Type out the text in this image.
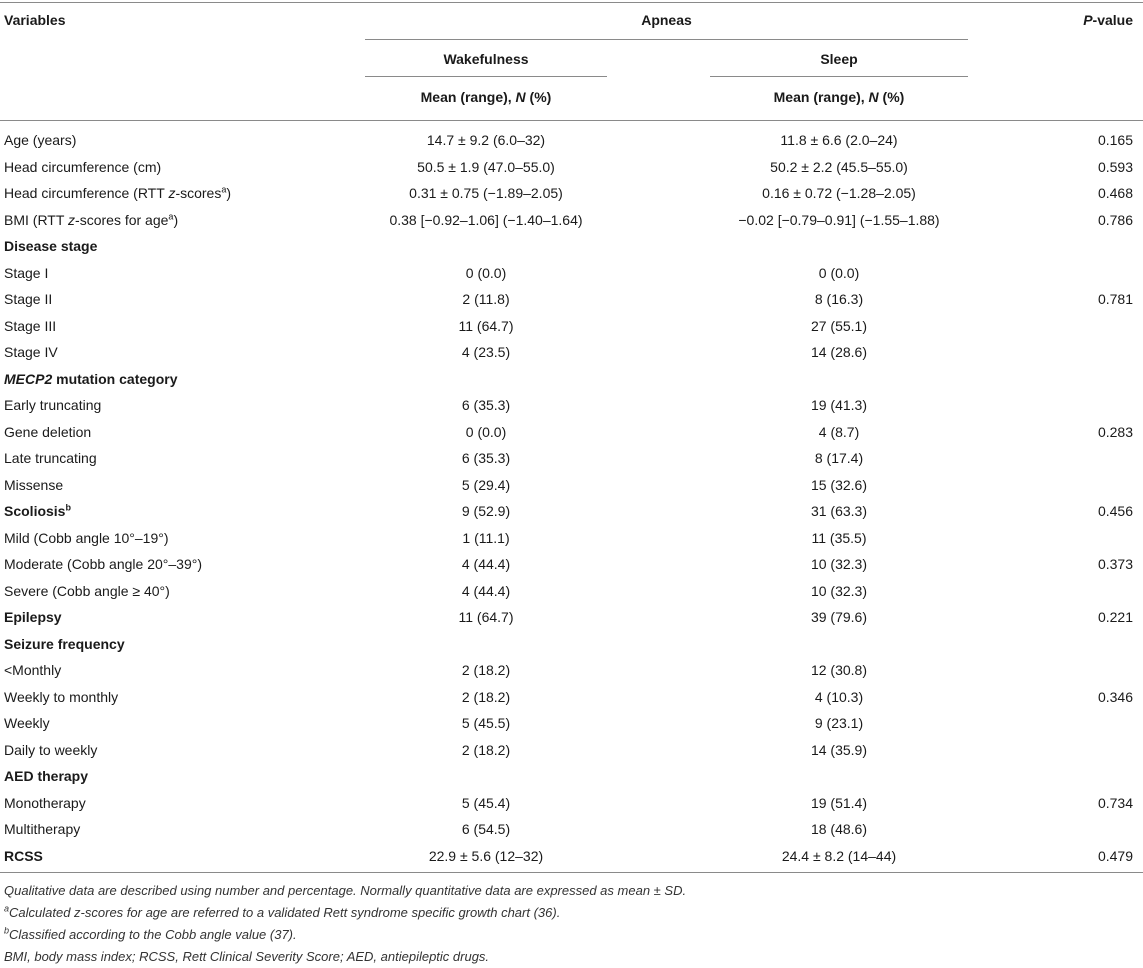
Variables	Apneas	P-value
Wakefulness	Sleep
Mean (range), N (%)	Mean (range), N (%)
Age (years)	14.7 ± 9.2 (6.0–32)	11.8 ± 6.6 (2.0–24)	0.165
Head circumference (cm)	50.5 ± 1.9 (47.0–55.0)	50.2 ± 2.2 (45.5–55.0)	0.593
Head circumference (RTT z-scores$^a$)	0.31 ± 0.75 (−1.89–2.05)	0.16 ± 0.72 (−1.28–2.05)	0.468
BMI (RTT z-scores for age$^a$)	0.38 [−0.92–1.06] (−1.40–1.64)	−0.02 [−0.79–0.91] (−1.55–1.88)	0.786
Disease stage
Stage I	0 (0.0)	0 (0.0)
Stage II	2 (11.8)	8 (16.3)	0.781
Stage III	11 (64.7)	27 (55.1)
Stage IV	4 (23.5)	14 (28.6)
MECP2 mutation category
Early truncating	6 (35.3)	19 (41.3)
Gene deletion	0 (0.0)	4 (8.7)	0.283
Late truncating	6 (35.3)	8 (17.4)
Missense	5 (29.4)	15 (32.6)
Scoliosis$^b$	9 (52.9)	31 (63.3)	0.456
Mild (Cobb angle 10°–19°)	1 (11.1)	11 (35.5)
Moderate (Cobb angle 20°–39°)	4 (44.4)	10 (32.3)	0.373
Severe (Cobb angle ≥ 40°)	4 (44.4)	10 (32.3)
Epilepsy	11 (64.7)	39 (79.6)	0.221
Seizure frequency
<Monthly	2 (18.2)	12 (30.8)
Weekly to monthly	2 (18.2)	4 (10.3)	0.346
Weekly	5 (45.5)	9 (23.1)
Daily to weekly	2 (18.2)	14 (35.9)
AED therapy
Monotherapy	5 (45.4)	19 (51.4)	0.734
Multitherapy	6 (54.5)	18 (48.6)
RCSS	22.9 ± 5.6 (12–32)	24.4 ± 8.2 (14–44)	0.479
Qualitative data are described using number and percentage. Normally quantitative data are expressed as mean ± SD.
$^a$Calculated z-scores for age are referred to a validated Rett syndrome specific growth chart (36).
$^b$Classified according to the Cobb angle value (37).
BMI, body mass index; RCSS, Rett Clinical Severity Score; AED, antiepileptic drugs.
